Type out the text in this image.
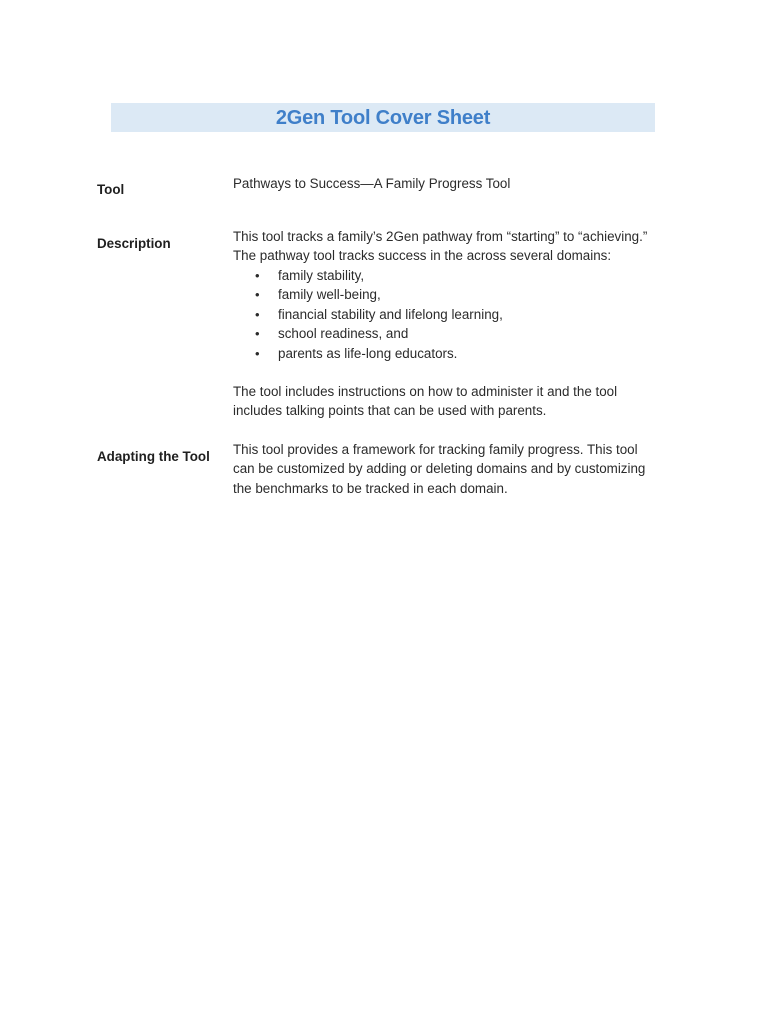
2Gen Tool Cover Sheet
Tool	Pathways to Success—A Family Progress Tool

Description	This tool tracks a family’s 2Gen pathway from “starting” to “achieving.”

The pathway tool tracks success in the across several domains:

• family stability,
• family well-being,
• financial stability and lifelong learning,
• school readiness, and
• parents as life-long educators.

The tool includes instructions on how to administer it and the tool

includes talking points that can be used with parents.

Adapting the Tool This tool provides a framework for tracking family progress. This tool

can be customized by adding or deleting domains and by customizing

the benchmarks to be tracked in each domain.
